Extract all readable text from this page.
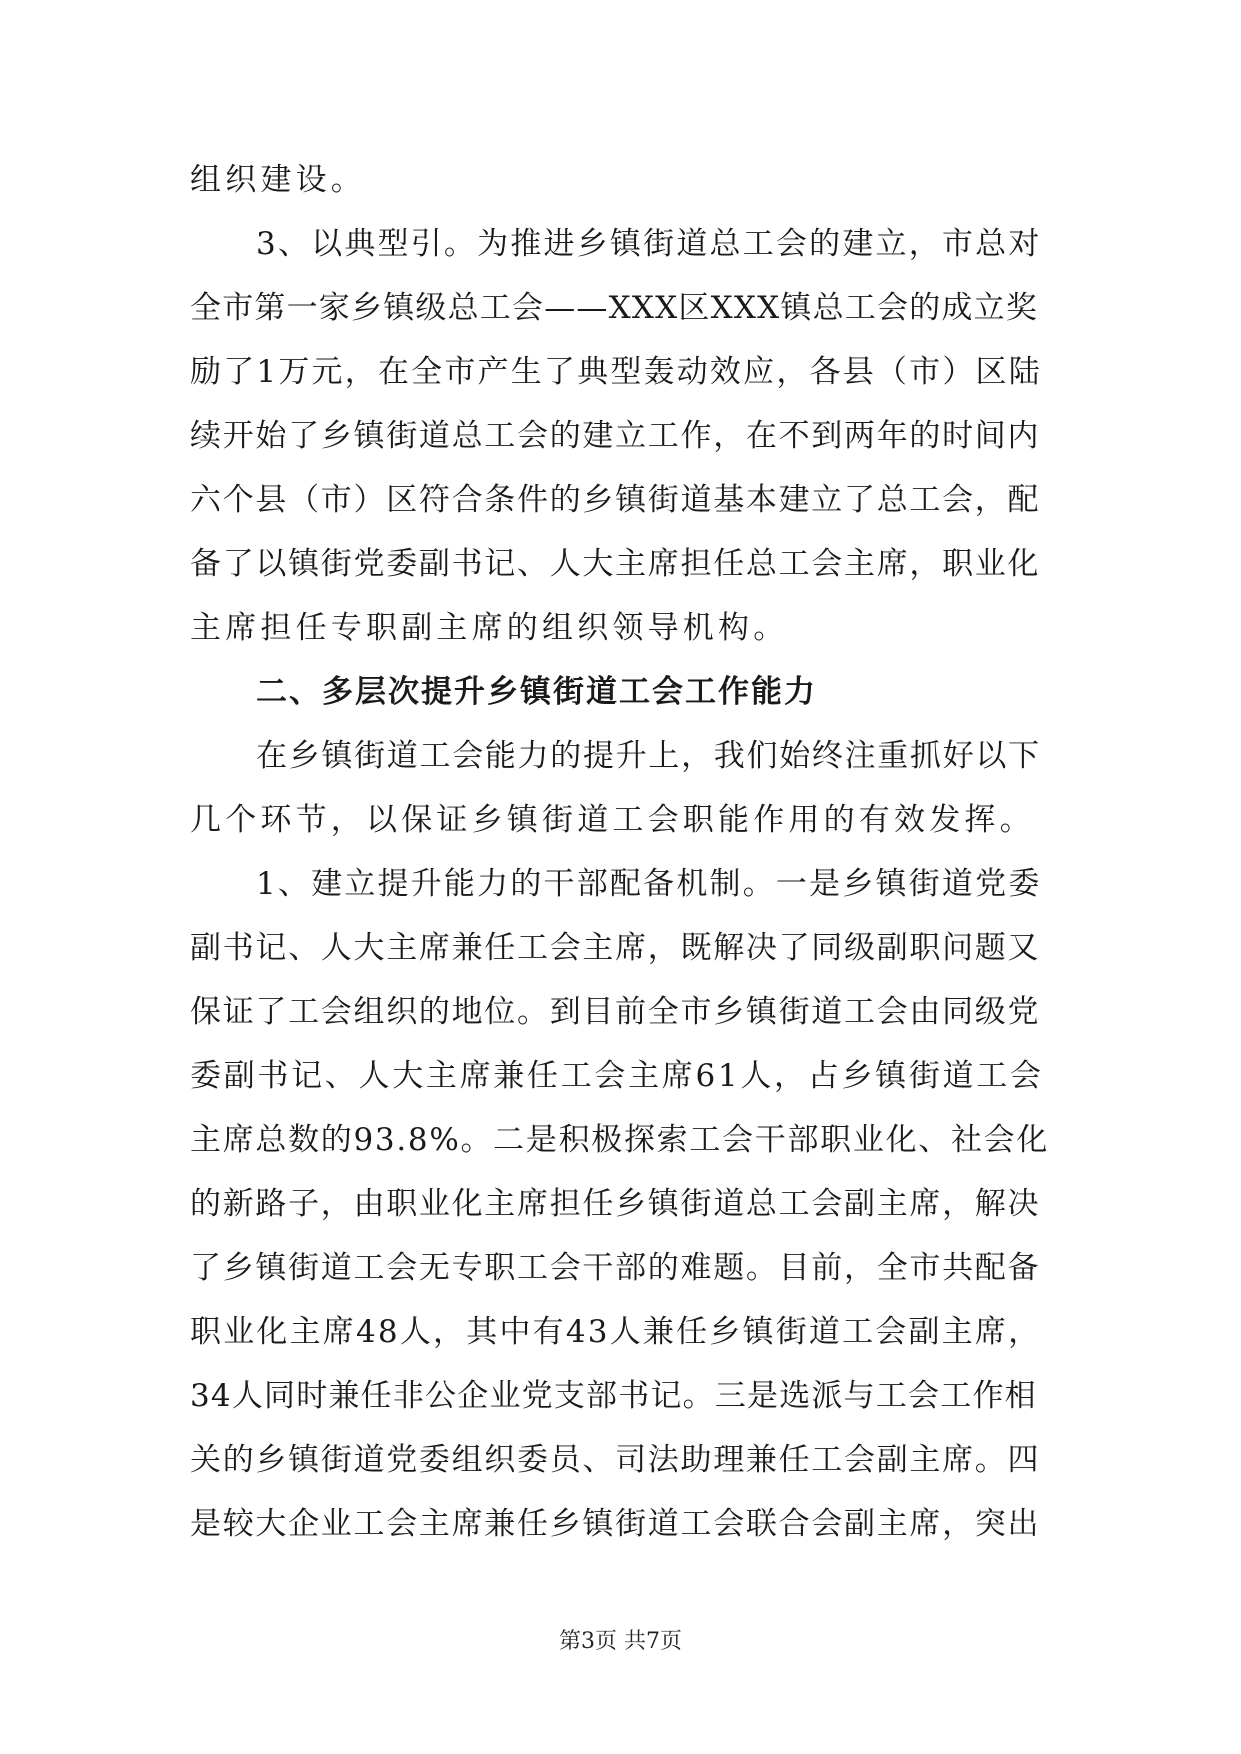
组织建设。
3、以典型引。为推进乡镇街道总工会的建立，市总对
全市第一家乡镇级总工会——XXX区XXX镇总工会的成立奖
励了1万元，在全市产生了典型轰动效应，各县（市）区陆
续开始了乡镇街道总工会的建立工作，在不到两年的时间内
六个县（市）区符合条件的乡镇街道基本建立了总工会，配
备了以镇街党委副书记、人大主席担任总工会主席，职业化
主席担任专职副主席的组织领导机构。
二、多层次提升乡镇街道工会工作能力
在乡镇街道工会能力的提升上，我们始终注重抓好以下
几个环节，以保证乡镇街道工会职能作用的有效发挥。
1、建立提升能力的干部配备机制。一是乡镇街道党委
副书记、人大主席兼任工会主席，既解决了同级副职问题又
保证了工会组织的地位。到目前全市乡镇街道工会由同级党
委副书记、人大主席兼任工会主席61人，占乡镇街道工会
主席总数的93.8%。二是积极探索工会干部职业化、社会化
的新路子，由职业化主席担任乡镇街道总工会副主席，解决
了乡镇街道工会无专职工会干部的难题。目前，全市共配备
职业化主席48人，其中有43人兼任乡镇街道工会副主席，
34人同时兼任非公企业党支部书记。三是选派与工会工作相
关的乡镇街道党委组织委员、司法助理兼任工会副主席。四
是较大企业工会主席兼任乡镇街道工会联合会副主席，突出
第3页 共7页
